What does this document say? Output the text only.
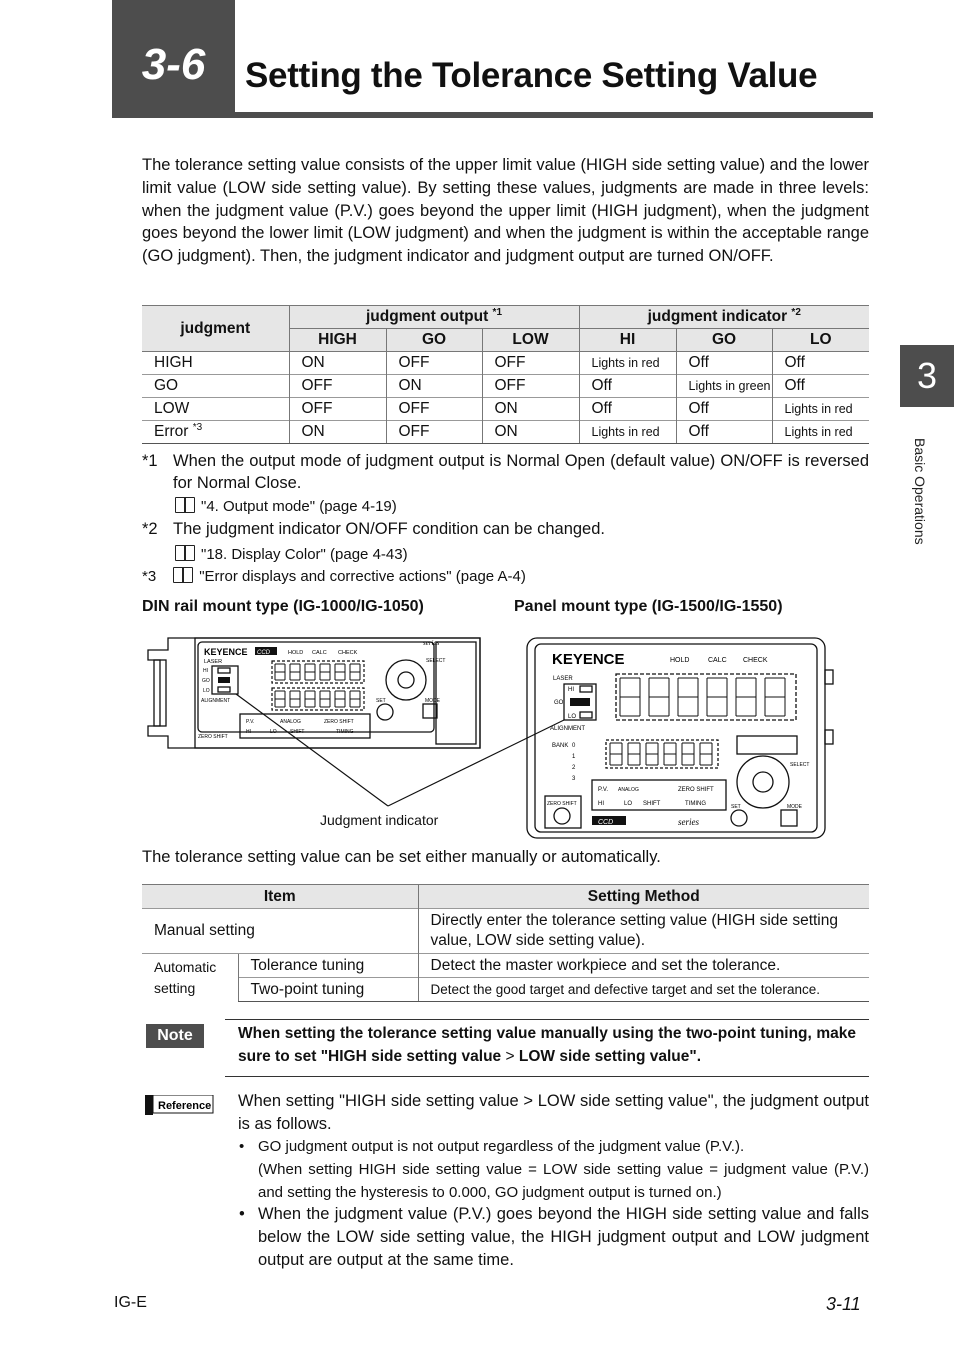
3-6	Setting the Tolerance Setting Value
3
Basic Operations
The tolerance setting value consists of the upper limit value (HIGH side setting value) and the lower limit value (LOW side setting value). By setting these values, judgments are made in three levels: when the judgment value (P.V.) goes beyond the upper limit (HIGH judgment), when the judgment goes beyond the lower limit (LOW judgment) and when the judgment is within the acceptable range (GO judgment). Then, the judgment indicator and judgment output are turned ON/OFF.
judgment	judgment output $^{*1}$			judgment indicator $^{*2}$
	HIGH	GO	LOW	HI	GO	LO
HIGH	ON	OFF	OFF	Lights in red	Off	Off
GO	OFF	ON	OFF	Off	Lights in green	Off
LOW	OFF	OFF	ON	Off	Off	Lights in red
Error $^{*3}$	ON	OFF	ON	Lights in red	Off	Lights in red
*1 When the output mode of judgment output is Normal Open (default value) ON/OFF is reversed for Normal Close.
"4. Output mode" (page 4-19)
*2 The judgment indicator ON/OFF condition can be changed.
"18. Display Color" (page 4-43)
*3	"Error displays and corrective actions" (page A-4)
DIN rail mount type (IG-1000/IG-1050)	Panel mount type (IG-1500/IG-1550)
KEYENCE CCD	HOLD CALC CHECK
LASER
ALIGNMENT
HI
GO
LO
SELECT
series
SET	MODE
ZERO SHIFT
P.V.	ANALOG	ZERO SHIFT
HI	LO	SHIFT	TIMING
KEYENCE	HOLD	CALC CHECK
LASER
HI
GO
LO
ALIGNMENT
BANK 0
1
2
3
SELECT
P.V. ANALOG	ZERO SHIFT
HI	LO SHIFT	TIMING
ZERO SHIFT
CCD	series
SET	MODE
Judgment indicator
The tolerance setting value can be set either manually or automatically.
Item		Setting Method
Manual setting		Directly enter the tolerance setting value (HIGH side setting value, LOW side setting value).
Automatic
setting	Tolerance tuning	Detect the master workpiece and set the tolerance.
	Two-point tuning	Detect the good target and defective target and set the tolerance.
Note	When setting the tolerance setting value manually using the two-point tuning, make sure to set "HIGH side setting value > LOW side setting value".
Reference When setting "HIGH side setting value > LOW side setting value", the judgment output is as follows.
• GO judgment output is not output regardless of the judgment value (P.V.).
(When setting HIGH side setting value = LOW side setting value = judgment value (P.V.) and setting the hysteresis to 0.000, GO judgment output is turned on.)
• When the judgment value (P.V.) goes beyond the HIGH side setting value and falls below the LOW side setting value, the HIGH judgment output and LOW judgment output are output at the same time.
IG-E	3-11
